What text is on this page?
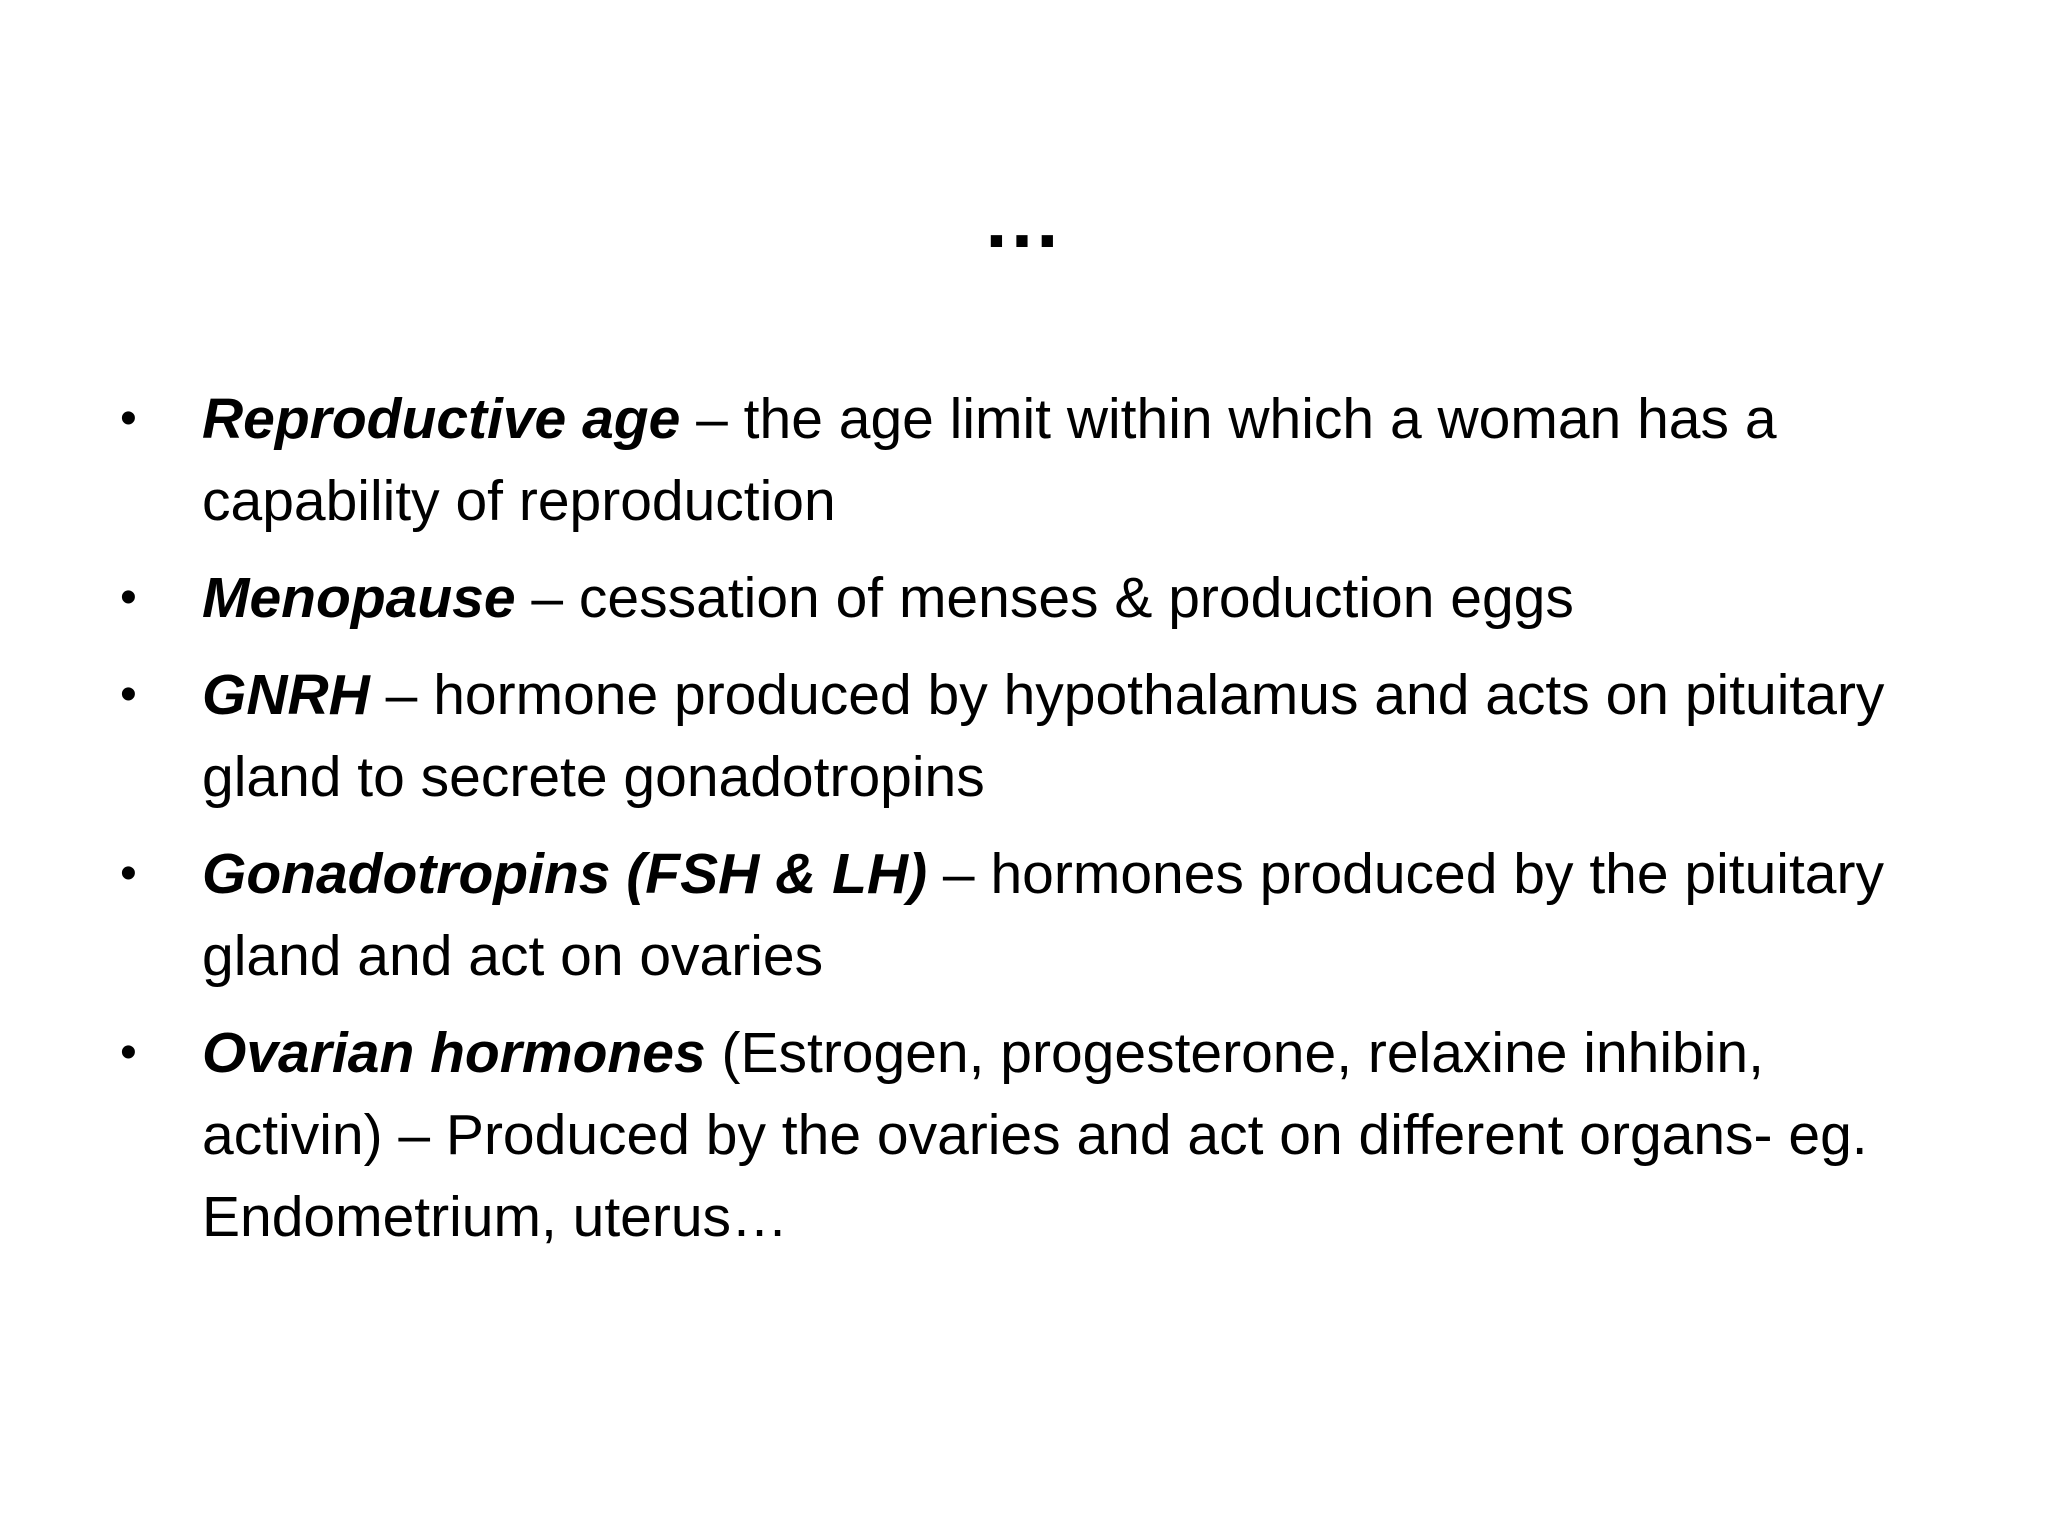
…
•	Reproductive age – the age limit within which a woman has a capability of reproduction
•	Menopause – cessation of menses & production eggs
•	GNRH – hormone produced by hypothalamus and acts on pituitary gland to secrete gonadotropins
•	Gonadotropins (FSH & LH) – hormones produced by the pituitary gland and act on ovaries
•	Ovarian hormones (Estrogen, progesterone, relaxine inhibin, activin) – Produced by the ovaries and act on different organs- eg. Endometrium, uterus…
